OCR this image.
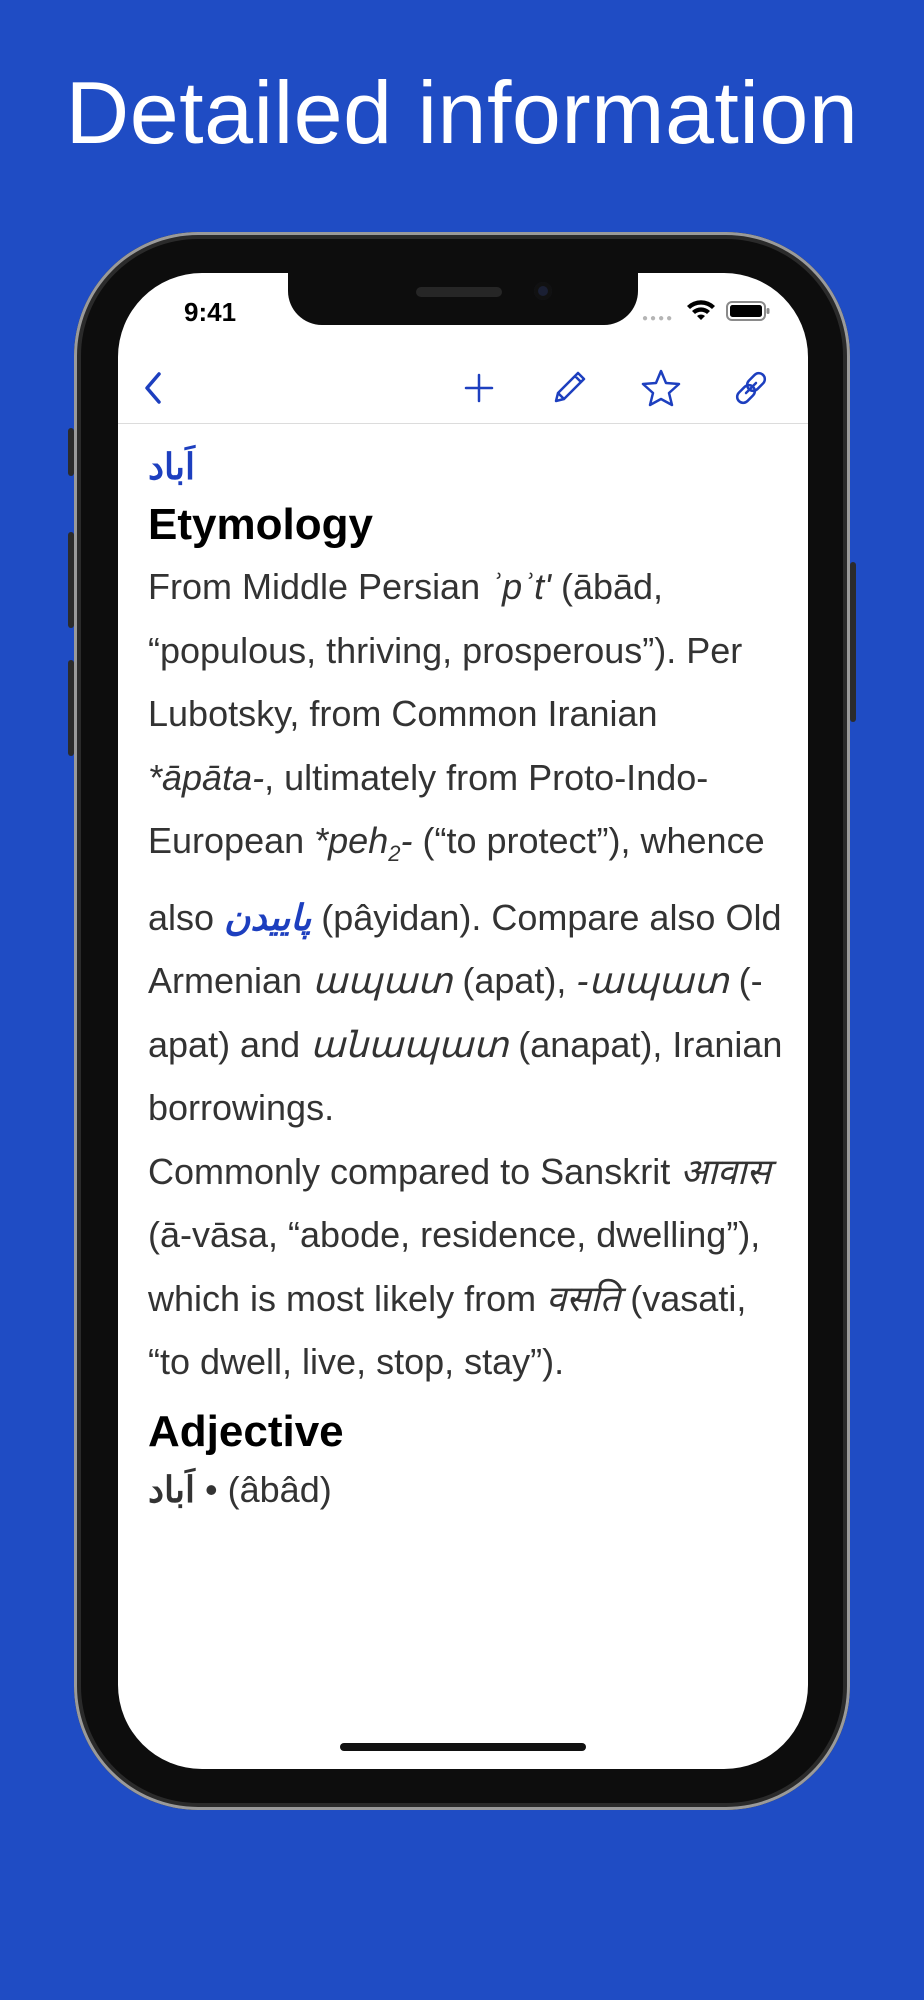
Detailed information
9:41	●●●●
اَباد
Etymology

From Middle Persian ʾpʾtʹ (ābād, “populous, thriving, prosperous”). Per Lubotsky, from Common Iranian *āpāta-, ultimately from Proto-Indo-European *peh$_2$- (“to protect”), whence also پاییدن (pâyidan). Compare also Old Armenian ապատ (apat), -ապատ (-apat) and անապատ (anapat), Iranian borrowings.

Commonly compared to Sanskrit आवास (ā-vāsa, “abode, residence, dwelling”), which is most likely from वसति (vasati, “to dwell, live, stop, stay”).

Adjective
اَباد • (âbâd)
